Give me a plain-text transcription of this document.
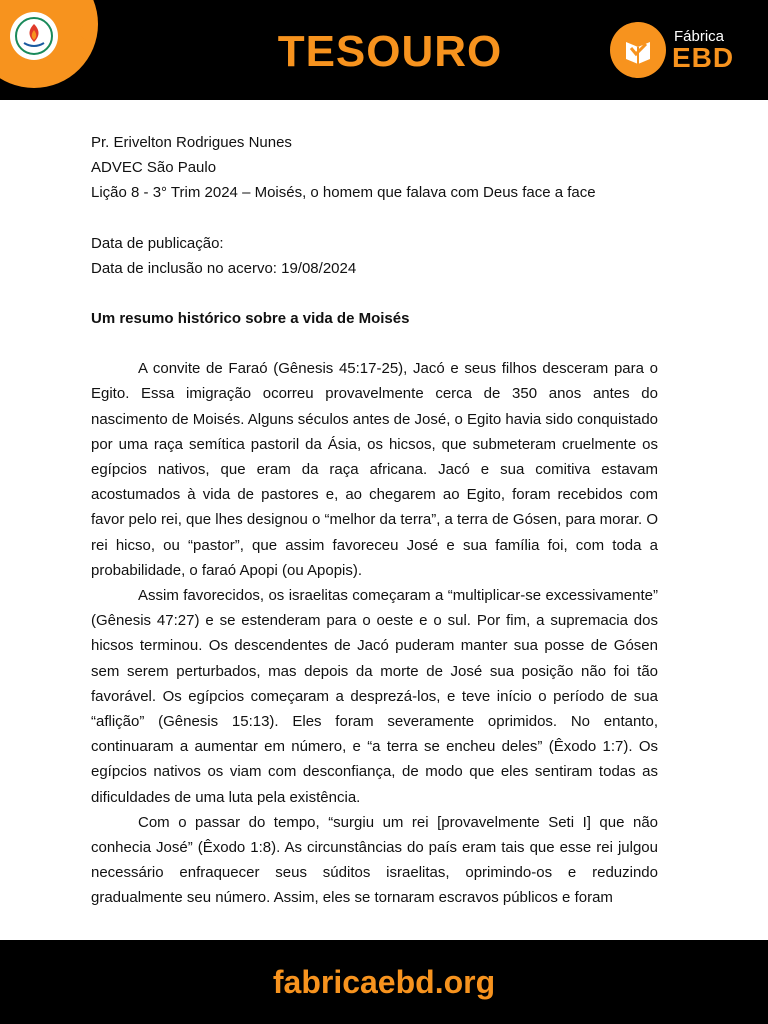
TESOURO	Fábrica
EBD

Pr. Erivelton Rodrigues Nunes

ADVEC São Paulo

Lição 8 - 3° Trim 2024 – Moisés, o homem que falava com Deus face a face

Data de publicação:

Data de inclusão no acervo: 19/08/2024

Um resumo histórico sobre a vida de Moisés

A convite de Faraó (Gênesis 45:17-25), Jacó e seus filhos desceram para o Egito. Essa imigração ocorreu provavelmente cerca de 350 anos antes do nascimento de Moisés. Alguns séculos antes de José, o Egito havia sido conquistado por uma raça semítica pastoril da Ásia, os hicsos, que submeteram cruelmente os egípcios nativos, que eram da raça africana. Jacó e sua comitiva estavam acostumados à vida de pastores e, ao chegarem ao Egito, foram recebidos com favor pelo rei, que lhes designou o “melhor da terra”, a terra de Gósen, para morar. O rei hicso, ou “pastor”, que assim favoreceu José e sua família foi, com toda a probabilidade, o faraó Apopi (ou Apopis).

Assim favorecidos, os israelitas começaram a “multiplicar-se excessivamente” (Gênesis 47:27) e se estenderam para o oeste e o sul. Por fim, a supremacia dos hicsos terminou. Os descendentes de Jacó puderam manter sua posse de Gósen sem serem perturbados, mas depois da morte de José sua posição não foi tão favorável. Os egípcios começaram a desprezá-los, e teve início o período de sua “aflição” (Gênesis 15:13). Eles foram severamente oprimidos. No entanto, continuaram a aumentar em número, e “a terra se encheu deles” (Êxodo 1:7). Os egípcios nativos os viam com desconfiança, de modo que eles sentiram todas as dificuldades de uma luta pela existência.

Com o passar do tempo, “surgiu um rei [provavelmente Seti I] que não conhecia José” (Êxodo 1:8). As circunstâncias do país eram tais que esse rei julgou necessário enfraquecer seus súditos israelitas, oprimindo-os e reduzindo gradualmente seu número. Assim, eles se tornaram escravos públicos e foram

fabricaebd.org
